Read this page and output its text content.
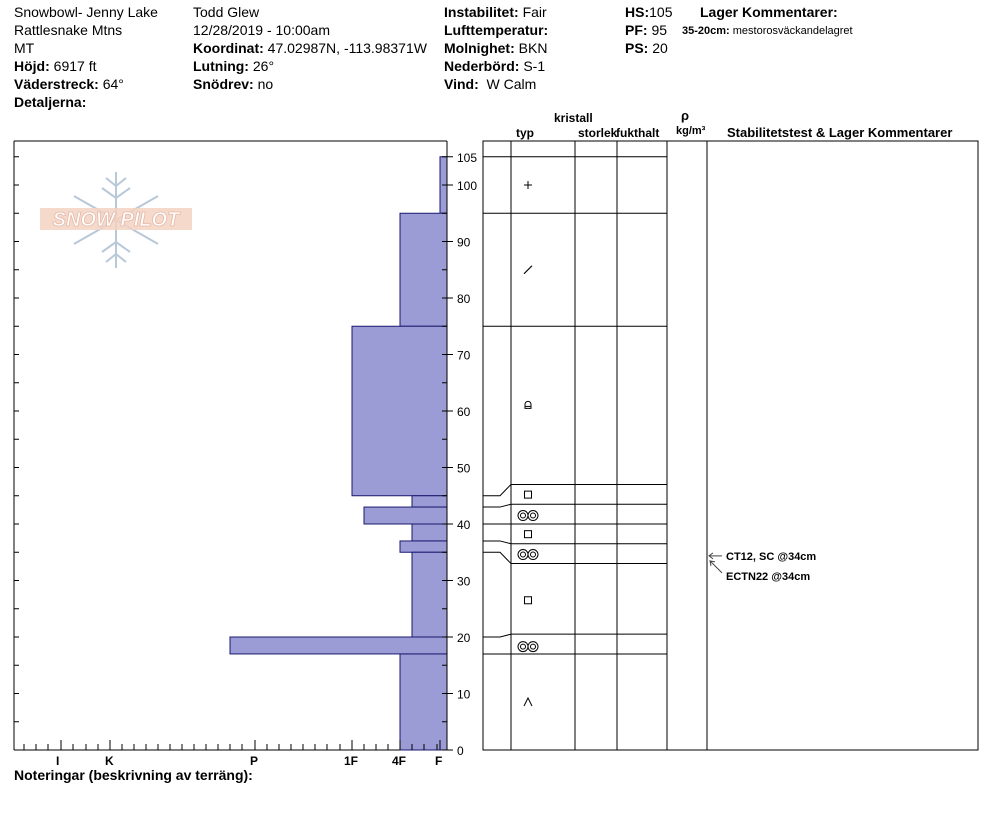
Snowbowl- Jenny Lake
Rattlesnake Mtns
MT
Höjd: 6917 ft
Väderstreck: 64°
Detaljerna:
Todd Glew
12/28/2019 - 10:00am
Koordinat: 47.02987N, -113.98371W
Lutning: 26°
Snödrev: no
Instabilitet: Fair
Lufttemperatur:
Molnighet: BKN
Nederbörd: S-1
Vind: W Calm
HS:105
PF: 95
PS: 20
Lager Kommentarer:
35-20cm: mestorosväckandelagret
kristall
typ	storlek
fukthalt
ρ
kg/m³ Stabilitetstest & Lager Kommentarer
SNOW PILOT
0
10
20
30
40
50
60
70
80
90
100
105
I	K	P	1F	4F F
CT12, SC @34cm
ECTN22 @34cm
Noteringar (beskrivning av terräng):
